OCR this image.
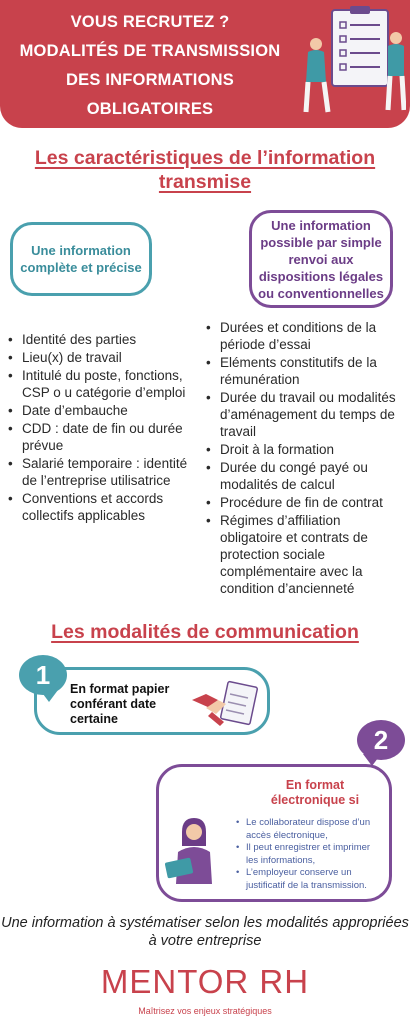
VOUS RECRUTEZ ?
MODALITÉS DE TRANSMISSION
DES INFORMATIONS
OBLIGATOIRES
Les caractéristiques de l’information
transmise
Une information complète et précise
Une information possible par simple renvoi aux dispositions légales ou conventionnelles
• Identité des parties
• Lieu(x) de travail
• Intitulé du poste, fonctions, CSP o u catégorie d’emploi
• Date d’embauche
• CDD : date de fin ou durée prévue
• Salarié temporaire : identité de l’entreprise utilisatrice
• Conventions et accords collectifs applicables
• Durées et conditions de la période d’essai
• Eléments constitutifs de la rémunération
• Durée du travail ou modalités d’aménagement du temps de travail
• Droit à la formation
• Durée du congé payé ou modalités de calcul
• Procédure de fin de contrat
• Régimes d’affiliation obligatoire et contrats de protection sociale complémentaire avec la condition d’ancienneté
Les modalités de communication
1	En format papier conférant date certaine
2
En format électronique si
• Le collaborateur dispose d’un accès électronique,
• Il peut enregistrer et imprimer les informations,
• L’employeur conserve un justificatif de la transmission.
Une information à systématiser selon les modalités appropriées à votre entreprise
MENTOR RH
Maîtrisez vos enjeux stratégiques
